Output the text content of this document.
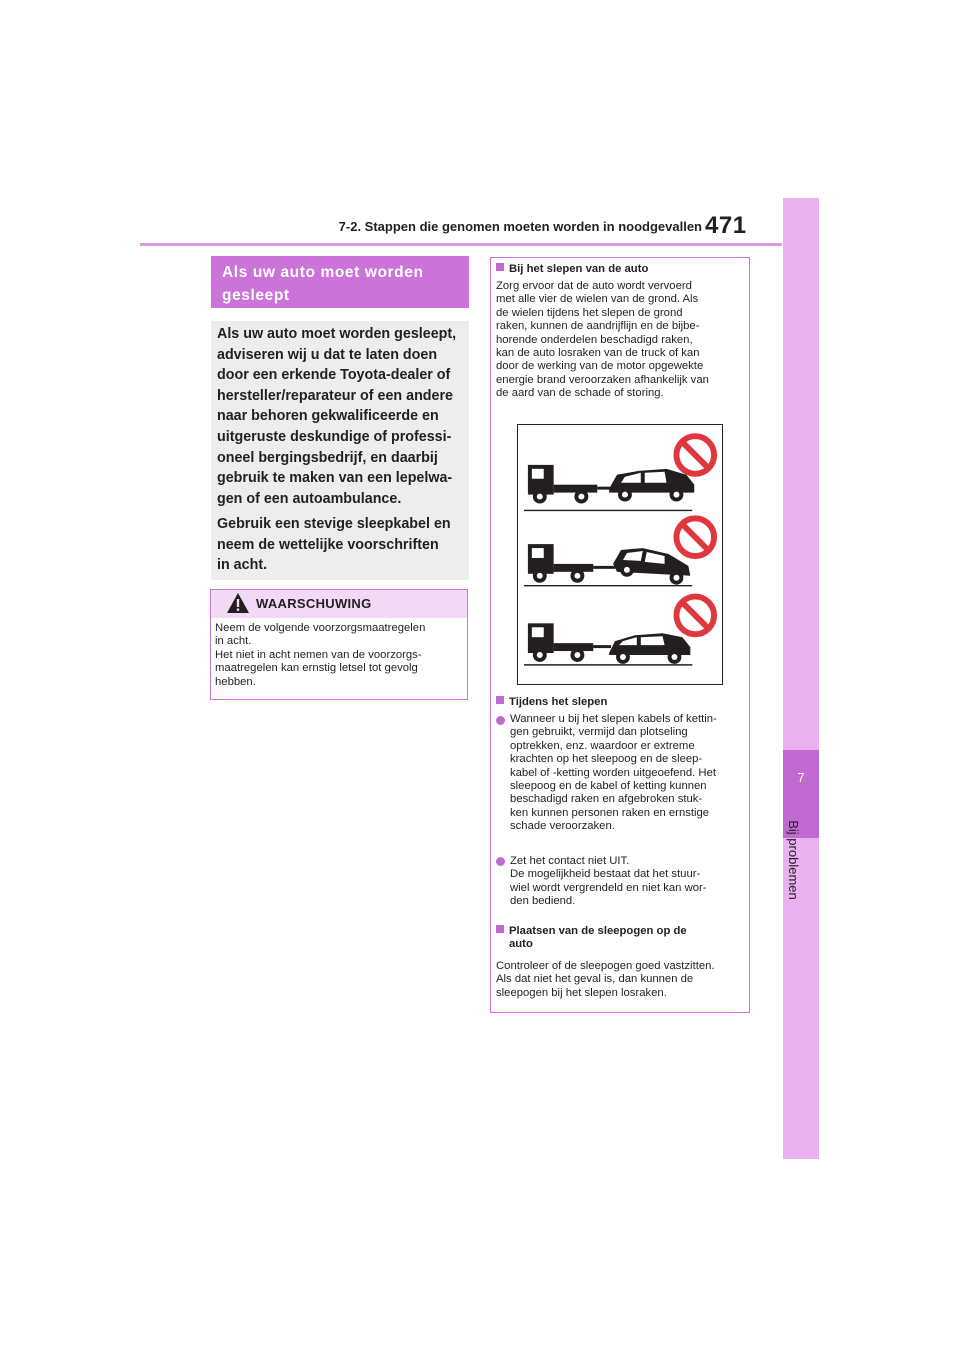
7-2. Stappen die genomen moeten worden in noodgevallen 471
7
Bij problemen
Als uw auto moet worden gesleept
Als uw auto moet worden gesleept,
adviseren wij u dat te laten doen
door een erkende Toyota-dealer of
hersteller/reparateur of een andere
naar behoren gekwalificeerde en
uitgeruste deskundige of professi-
oneel bergingsbedrijf, en daarbij
gebruik te maken van een lepelwa-
gen of een autoambulance.
Gebruik een stevige sleepkabel en
neem de wettelijke voorschriften
in acht.
WAARSCHUWING
Neem de volgende voorzorgsmaatregelen
in acht.
Het niet in acht nemen van de voorzorgs-
maatregelen kan ernstig letsel tot gevolg
hebben.
Bij het slepen van de auto
Zorg ervoor dat de auto wordt vervoerd
met alle vier de wielen van de grond. Als
de wielen tijdens het slepen de grond
raken, kunnen de aandrijflijn en de bijbe-
horende onderdelen beschadigd raken,
kan de auto losraken van de truck of kan
door de werking van de motor opgewekte
energie brand veroorzaken afhankelijk van
de aard van de schade of storing.
Tijdens het slepen
Wanneer u bij het slepen kabels of kettin-
gen gebruikt, vermijd dan plotseling
optrekken, enz. waardoor er extreme
krachten op het sleepoog en de sleep-
kabel of -ketting worden uitgeoefend. Het
sleepoog en de kabel of ketting kunnen
beschadigd raken en afgebroken stuk-
ken kunnen personen raken en ernstige
schade veroorzaken.
Zet het contact niet UIT.
De mogelijkheid bestaat dat het stuur-
wiel wordt vergrendeld en niet kan wor-
den bediend.
Plaatsen van de sleepogen op de
auto
Controleer of de sleepogen goed vastzitten.
Als dat niet het geval is, dan kunnen de
sleepogen bij het slepen losraken.
